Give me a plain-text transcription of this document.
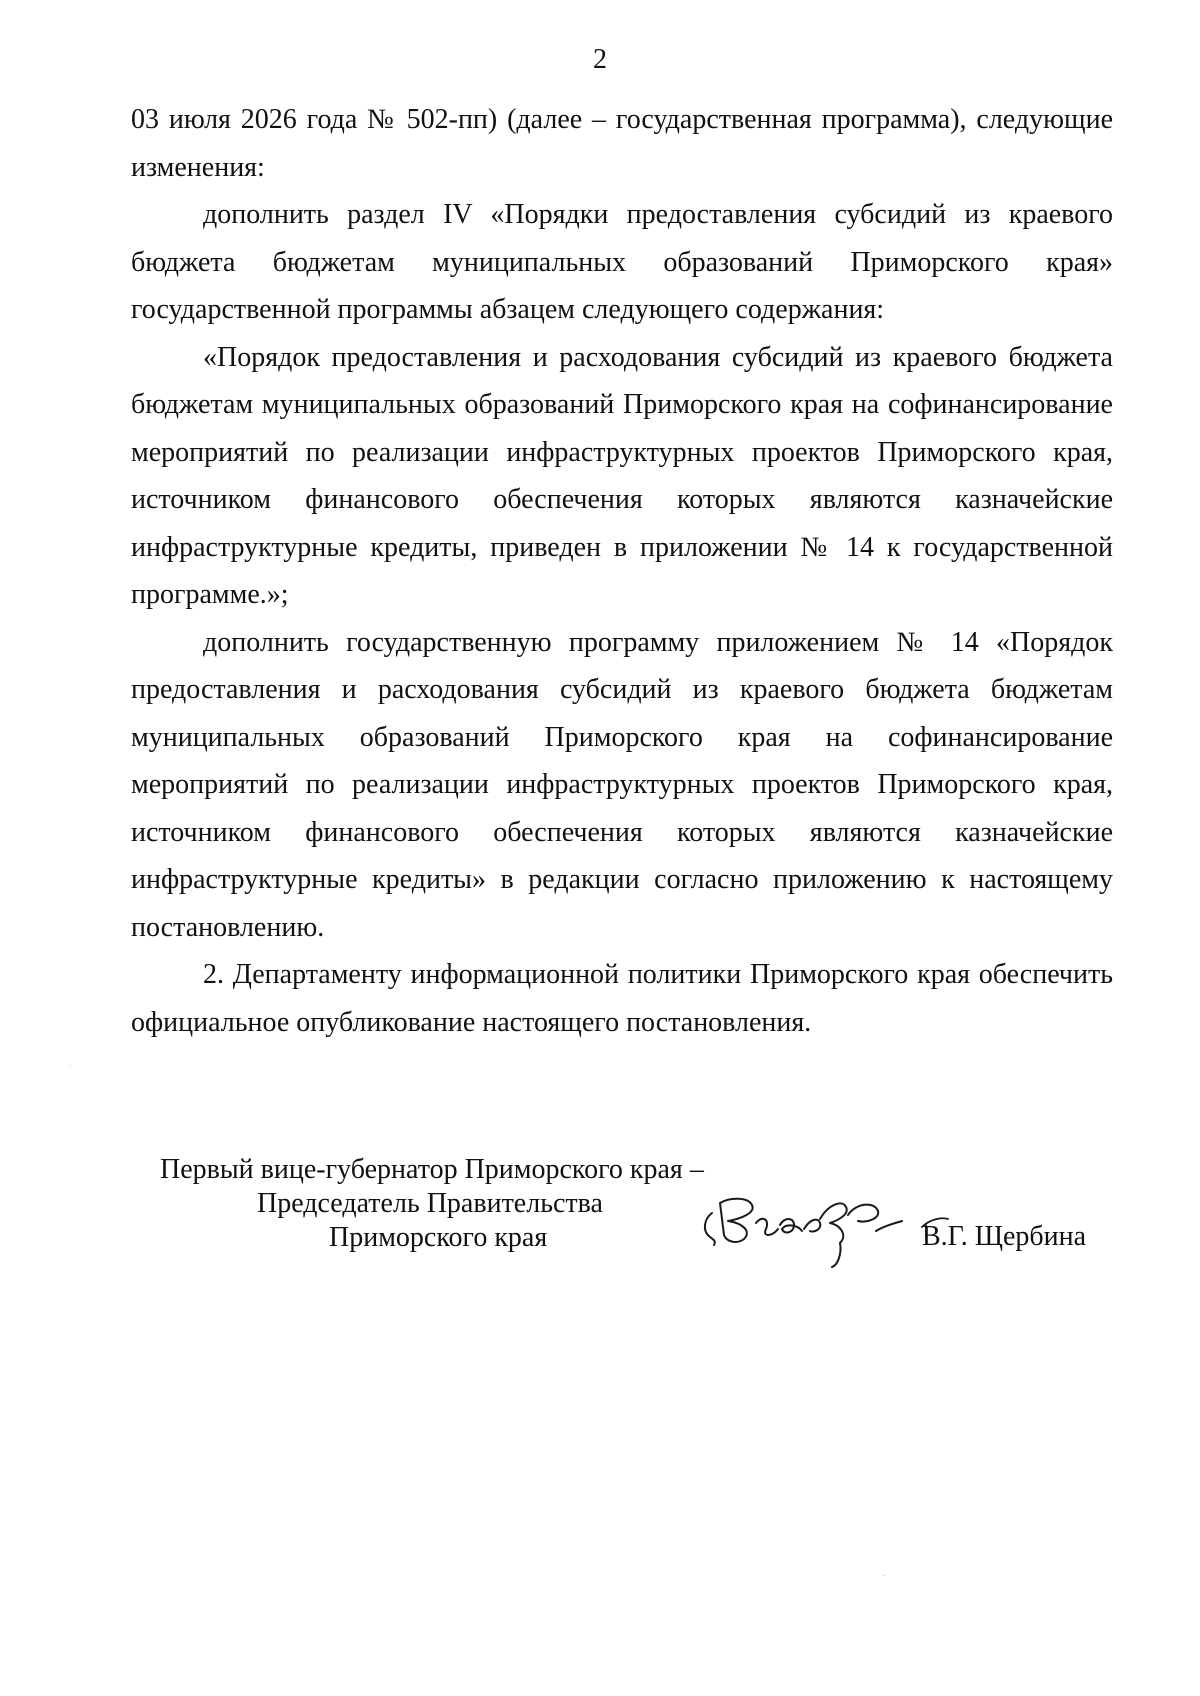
2

03 июля 2026 года № 502-пп) (далее – государственная программа), следующие изменения:

дополнить раздел IV «Порядки предоставления субсидий из краевого бюджета бюджетам муниципальных образований Приморского края» государственной программы абзацем следующего содержания:

«Порядок предоставления и расходования субсидий из краевого бюджета бюджетам муниципальных образований Приморского края на софинансирование мероприятий по реализации инфраструктурных проектов Приморского края, источником финансового обеспечения которых являются казначейские инфраструктурные кредиты, приведен в приложении № 14 к государственной программе.»;

дополнить государственную программу приложением № 14 «Порядок предоставления и расходования субсидий из краевого бюджета бюджетам муниципальных образований Приморского края на софинансирование мероприятий по реализации инфраструктурных проектов Приморского края, источником финансового обеспечения которых являются казначейские инфраструктурные кредиты» в редакции согласно приложению к настоящему постановлению.

2. Департаменту информационной политики Приморского края обеспечить официальное опубликование настоящего постановления.

Первый вице-губернатор Приморского края –
Председатель Правительства
Приморского края	В.Г. Щербина
